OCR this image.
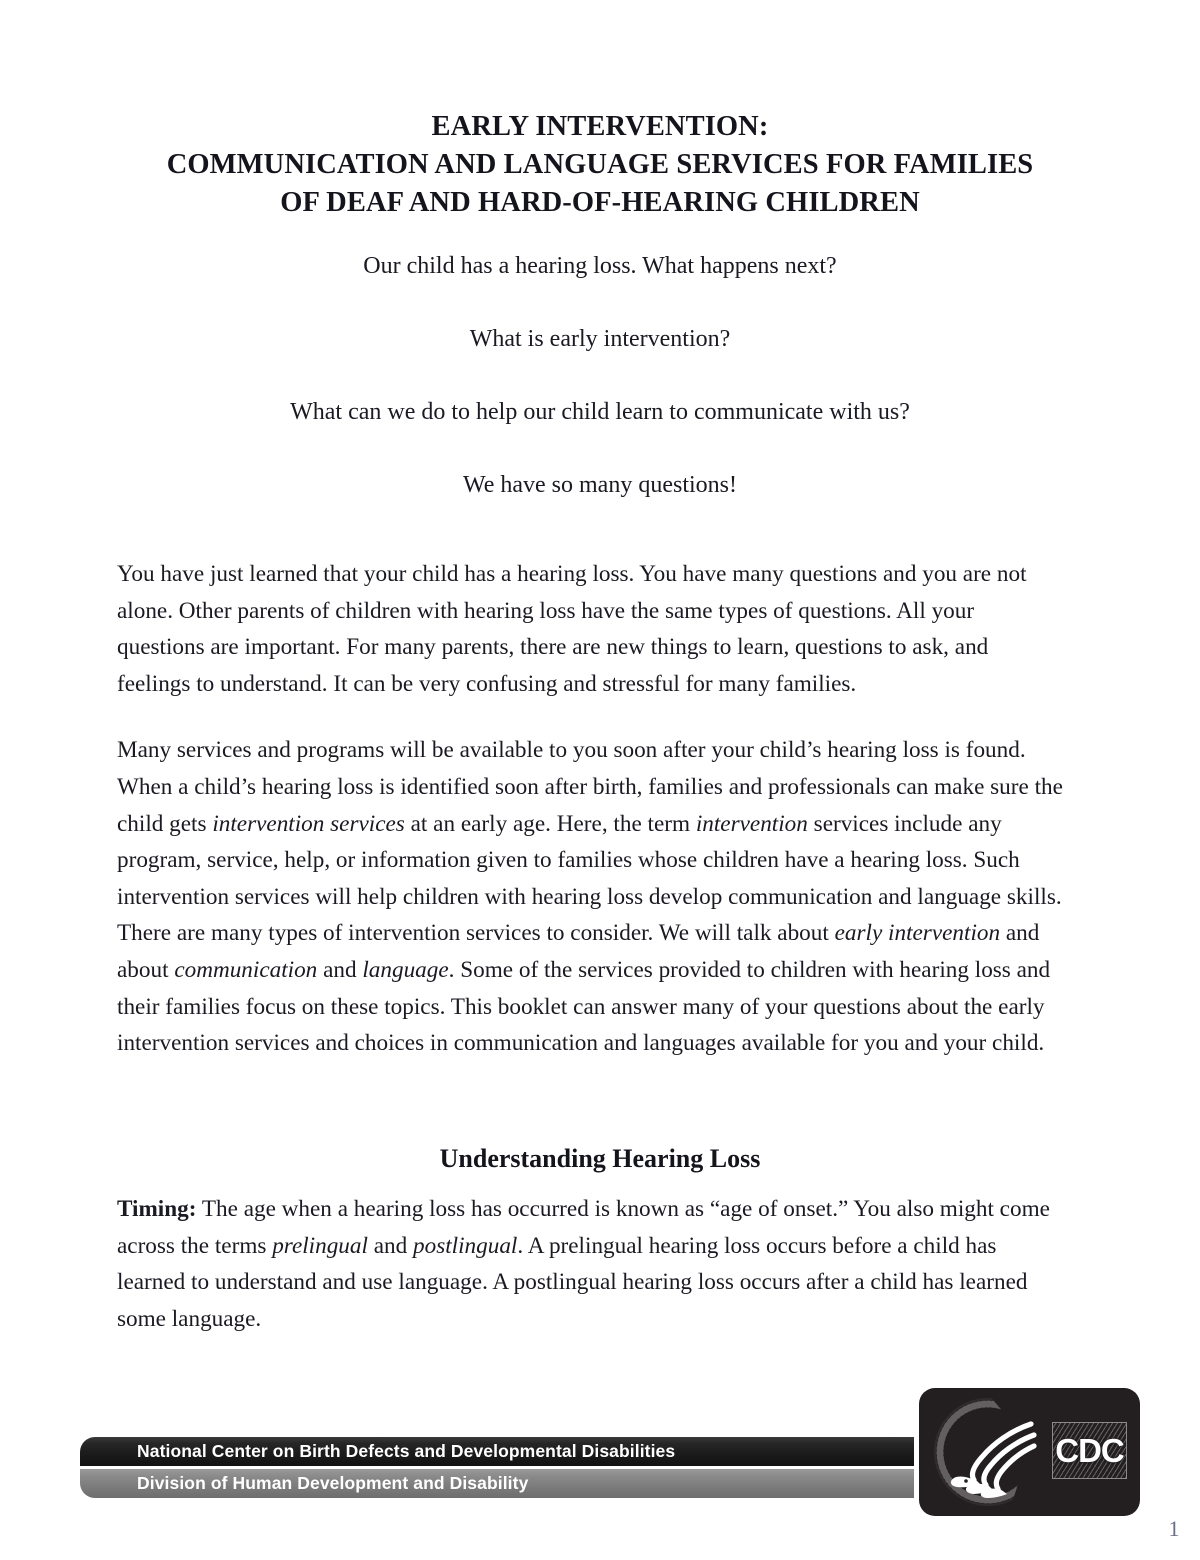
EARLY INTERVENTION:
COMMUNICATION AND LANGUAGE SERVICES FOR FAMILIES
OF DEAF AND HARD-OF-HEARING CHILDREN
Our child has a hearing loss. What happens next?
What is early intervention?
What can we do to help our child learn to communicate with us?
We have so many questions!

You have just learned that your child has a hearing loss. You have many questions and you are not alone. Other parents of children with hearing loss have the same types of questions. All your questions are important. For many parents, there are new things to learn, questions to ask, and feelings to understand. It can be very confusing and stressful for many families.

Many services and programs will be available to you soon after your child’s hearing loss is found. When a child’s hearing loss is identified soon after birth, families and professionals can make sure the child gets intervention services at an early age. Here, the term intervention services include any program, service, help, or information given to families whose children have a hearing loss. Such intervention services will help children with hearing loss develop communication and language skills. There are many types of intervention services to consider. We will talk about early intervention and about communication and language. Some of the services provided to children with hearing loss and their families focus on these topics. This booklet can answer many of your questions about the early intervention services and choices in communication and languages available for you and your child.

Understanding Hearing Loss

Timing: The age when a hearing loss has occurred is known as “age of onset.” You also might come across the terms prelingual and postlingual. A prelingual hearing loss occurs before a child has learned to understand and use language. A postlingual hearing loss occurs after a child has learned some language.

National Center on Birth Defects and Developmental Disabilities
Division of Human Development and Disability
CDC
1
